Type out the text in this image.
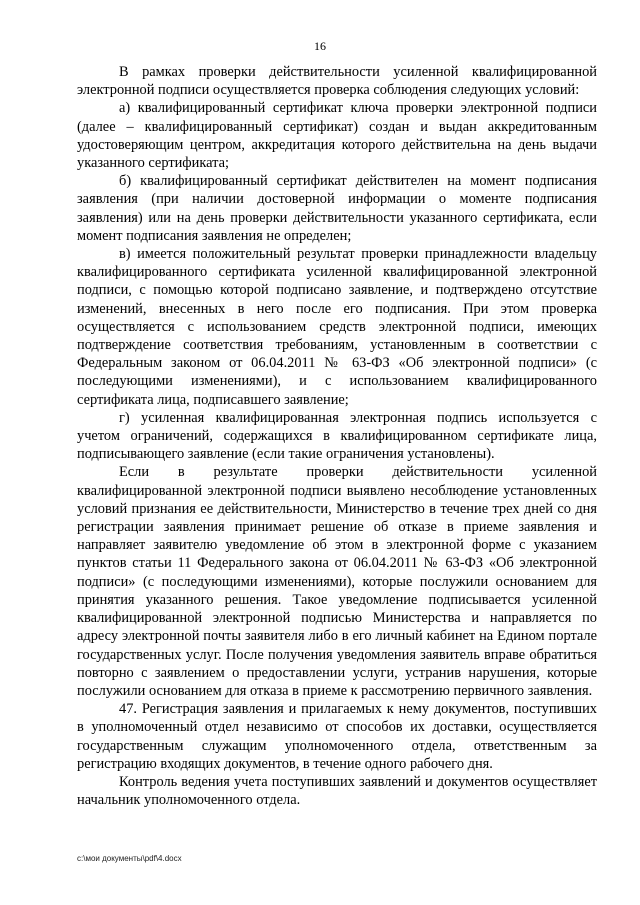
16

В рамках проверки действительности усиленной квалифицированной электронной подписи осуществляется проверка соблюдения следующих условий:

а) квалифицированный сертификат ключа проверки электронной подписи (далее – квалифицированный сертификат) создан и выдан аккредитованным удостоверяющим центром, аккредитация которого действительна на день выдачи указанного сертификата;

б) квалифицированный сертификат действителен на момент подписания заявления (при наличии достоверной информации о моменте подписания заявления) или на день проверки действительности указанного сертификата, если момент подписания заявления не определен;

в) имеется положительный результат проверки принадлежности владельцу квалифицированного сертификата усиленной квалифицированной электронной подписи, с помощью которой подписано заявление, и подтверждено отсутствие изменений, внесенных в него после его подписания. При этом проверка осуществляется с использованием средств электронной подписи, имеющих подтверждение соответствия требованиям, установленным в соответствии с Федеральным законом от 06.04.2011 № 63-ФЗ «Об электронной подписи» (с последующими изменениями), и с использованием квалифицированного сертификата лица, подписавшего заявление;

г) усиленная квалифицированная электронная подпись используется с учетом ограничений, содержащихся в квалифицированном сертификате лица, подписывающего заявление (если такие ограничения установлены).

Если в результате проверки действительности усиленной квалифицированной электронной подписи выявлено несоблюдение установленных условий признания ее действительности, Министерство в течение трех дней со дня регистрации заявления принимает решение об отказе в приеме заявления и направляет заявителю уведомление об этом в электронной форме с указанием пунктов статьи 11 Федерального закона от 06.04.2011 № 63-ФЗ «Об электронной подписи» (с последующими изменениями), которые послужили основанием для принятия указанного решения. Такое уведомление подписывается усиленной квалифицированной электронной подписью Министерства и направляется по адресу электронной почты заявителя либо в его личный кабинет на Едином портале государственных услуг. После получения уведомления заявитель вправе обратиться повторно с заявлением о предоставлении услуги, устранив нарушения, которые послужили основанием для отказа в приеме к рассмотрению первичного заявления.

47. Регистрация заявления и прилагаемых к нему документов, поступивших в уполномоченный отдел независимо от способов их доставки, осуществляется государственным служащим уполномоченного отдела, ответственным за регистрацию входящих документов, в течение одного рабочего дня.

Контроль ведения учета поступивших заявлений и документов осуществляет начальник уполномоченного отдела.

c:\мои документы\pdf\4.docx
